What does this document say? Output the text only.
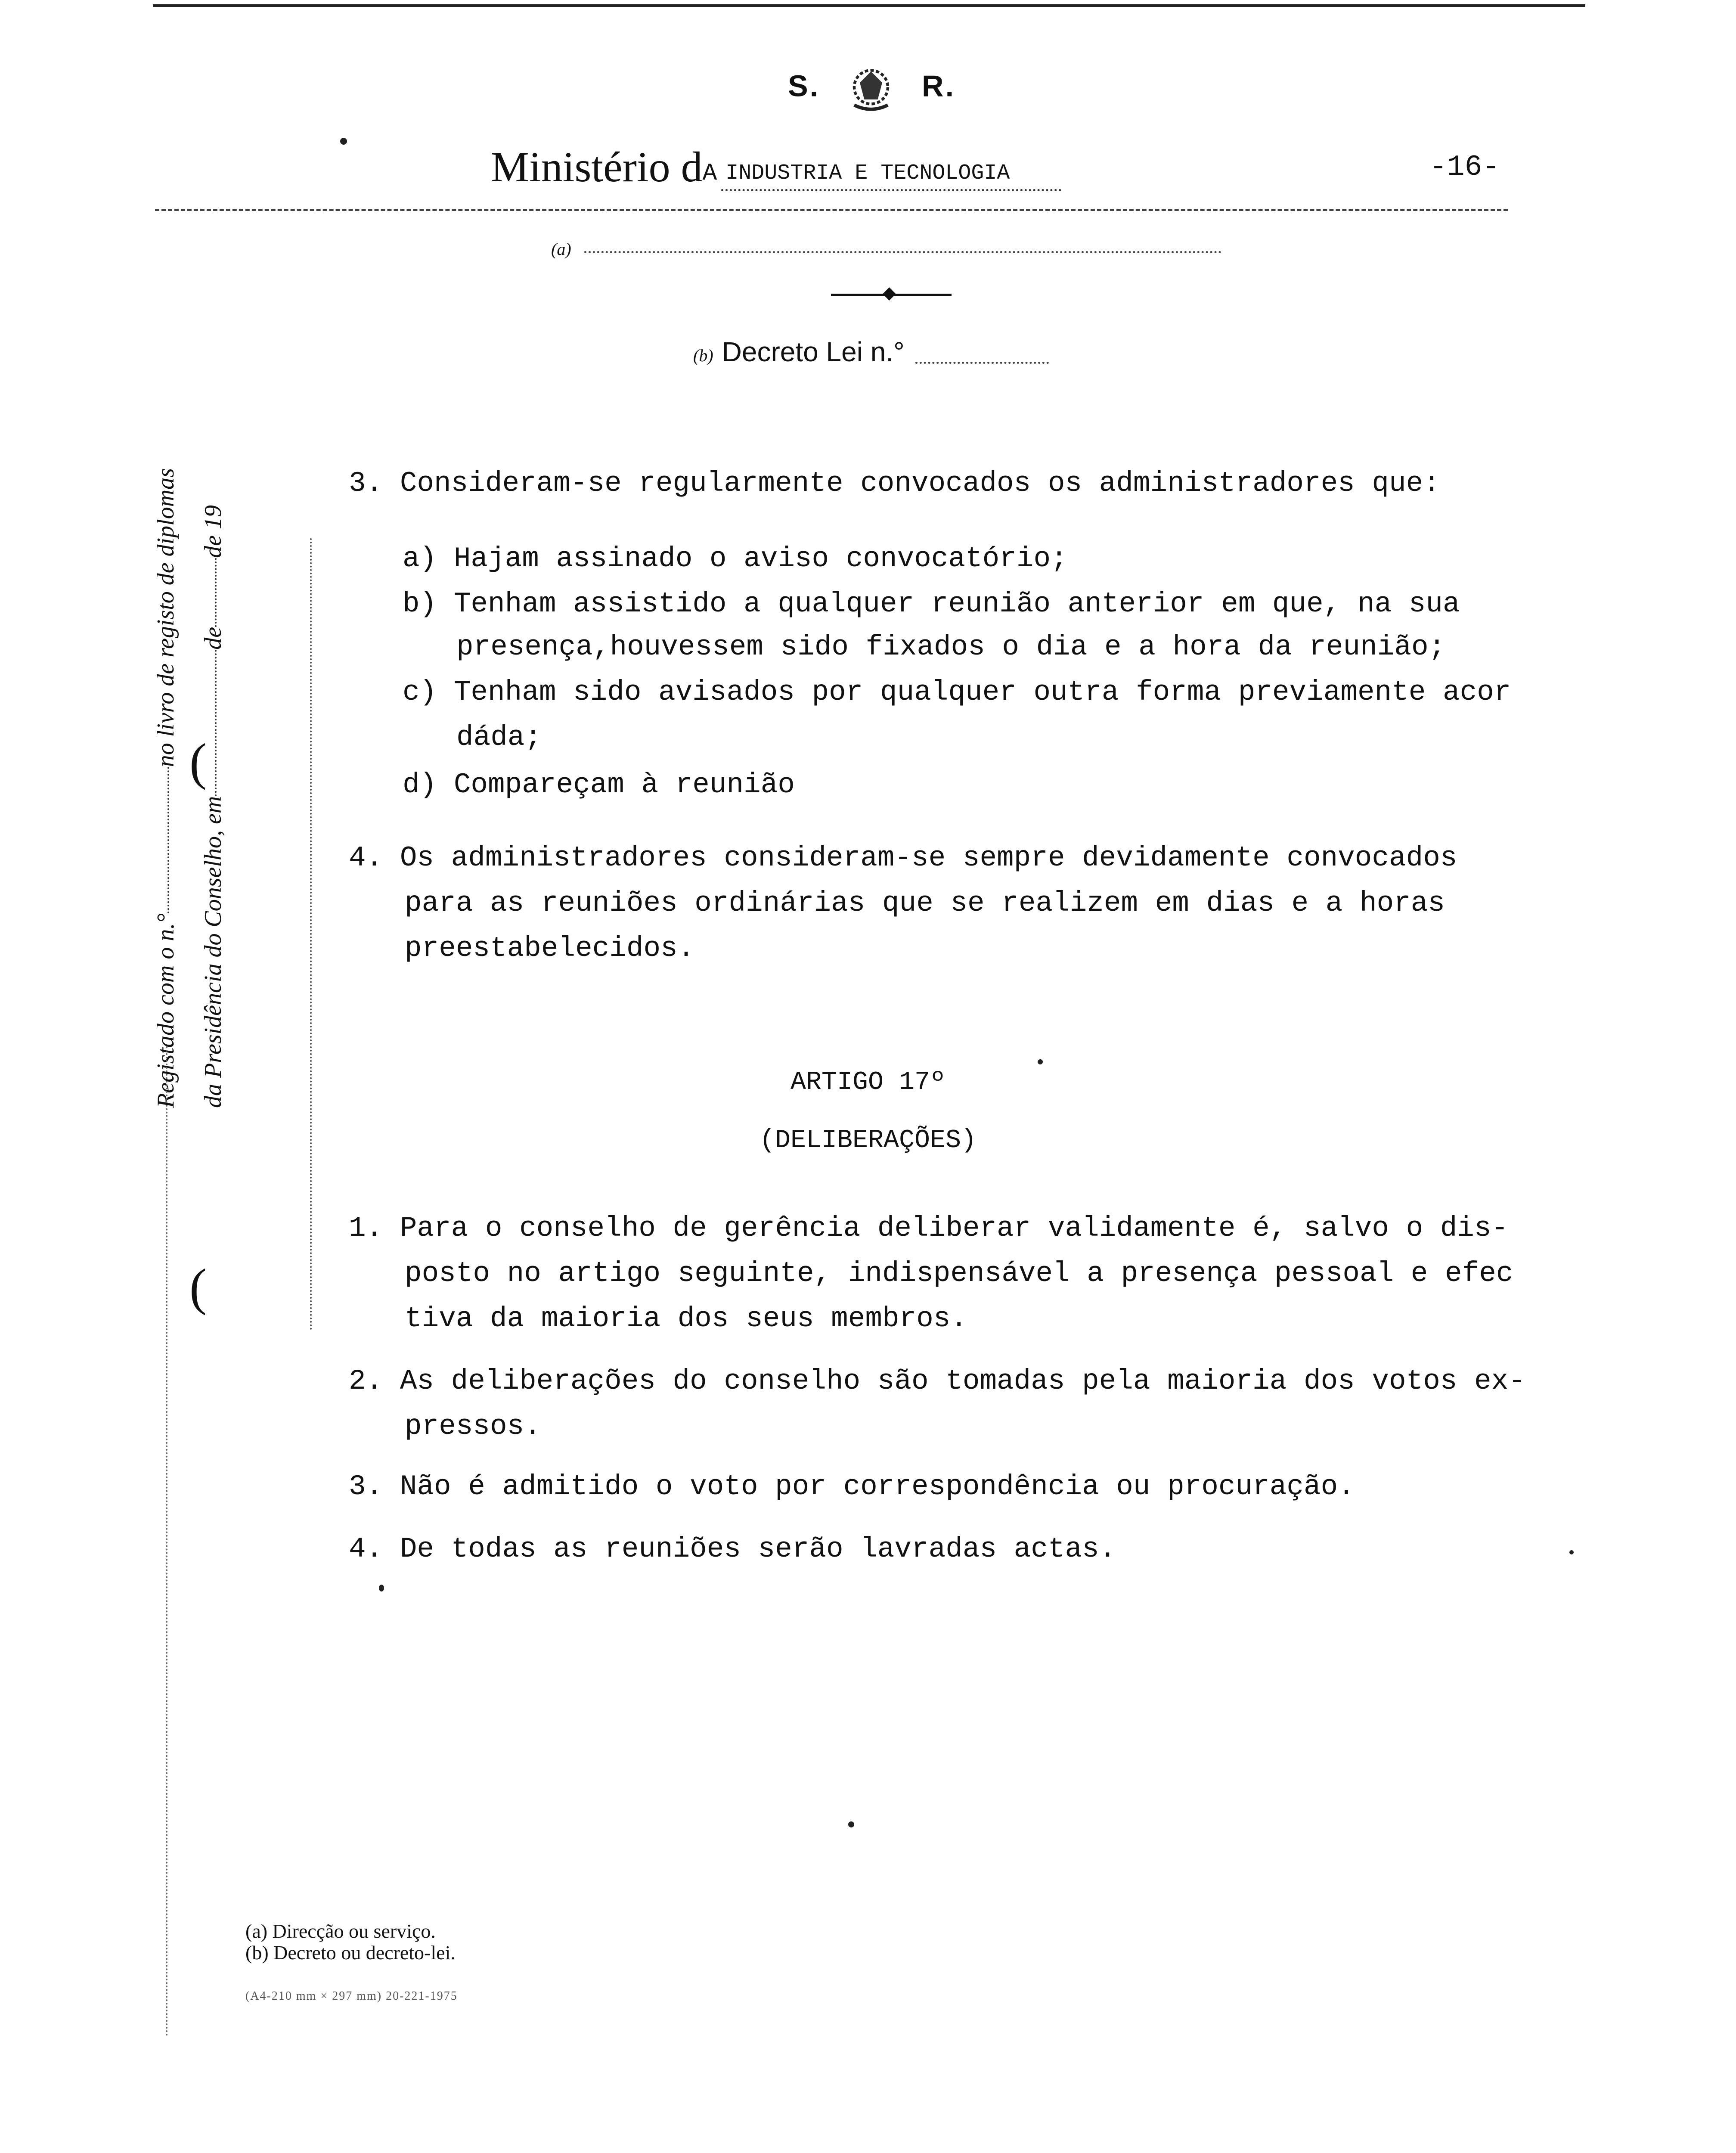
S.	R.
Ministério dA INDUSTRIA E TECNOLOGIA	-16-
(a)
◆
(b) Decreto Lei n.°
Registado com o n.°no livro de registo de diplomas
da Presidência do Conselho, emdede 19
(
(
3. Consideram-se regularmente convocados os administradores que:
a) Hajam assinado o aviso convocatório;
b) Tenham assistido a qualquer reunião anterior em que, na sua
presença,houvessem sido fixados o dia e a hora da reunião;
c) Tenham sido avisados por qualquer outra forma previamente acor
dáda;
d) Compareçam à reunião
4. Os administradores consideram-se sempre devidamente convocados
para as reuniões ordinárias que se realizem em dias e a horas
preestabelecidos.
ARTIGO 17º
(DELIBERAÇÕES)
1. Para o conselho de gerência deliberar validamente é, salvo o dis-
posto no artigo seguinte, indispensável a presença pessoal e efec
tiva da maioria dos seus membros.
2. As deliberações do conselho são tomadas pela maioria dos votos ex-
pressos.
3. Não é admitido o voto por correspondência ou procuração.
4. De todas as reuniões serão lavradas actas.
(a) Direcção ou serviço.
(b) Decreto ou decreto-lei.
(A4-210 mm × 297 mm) 20-221-1975
